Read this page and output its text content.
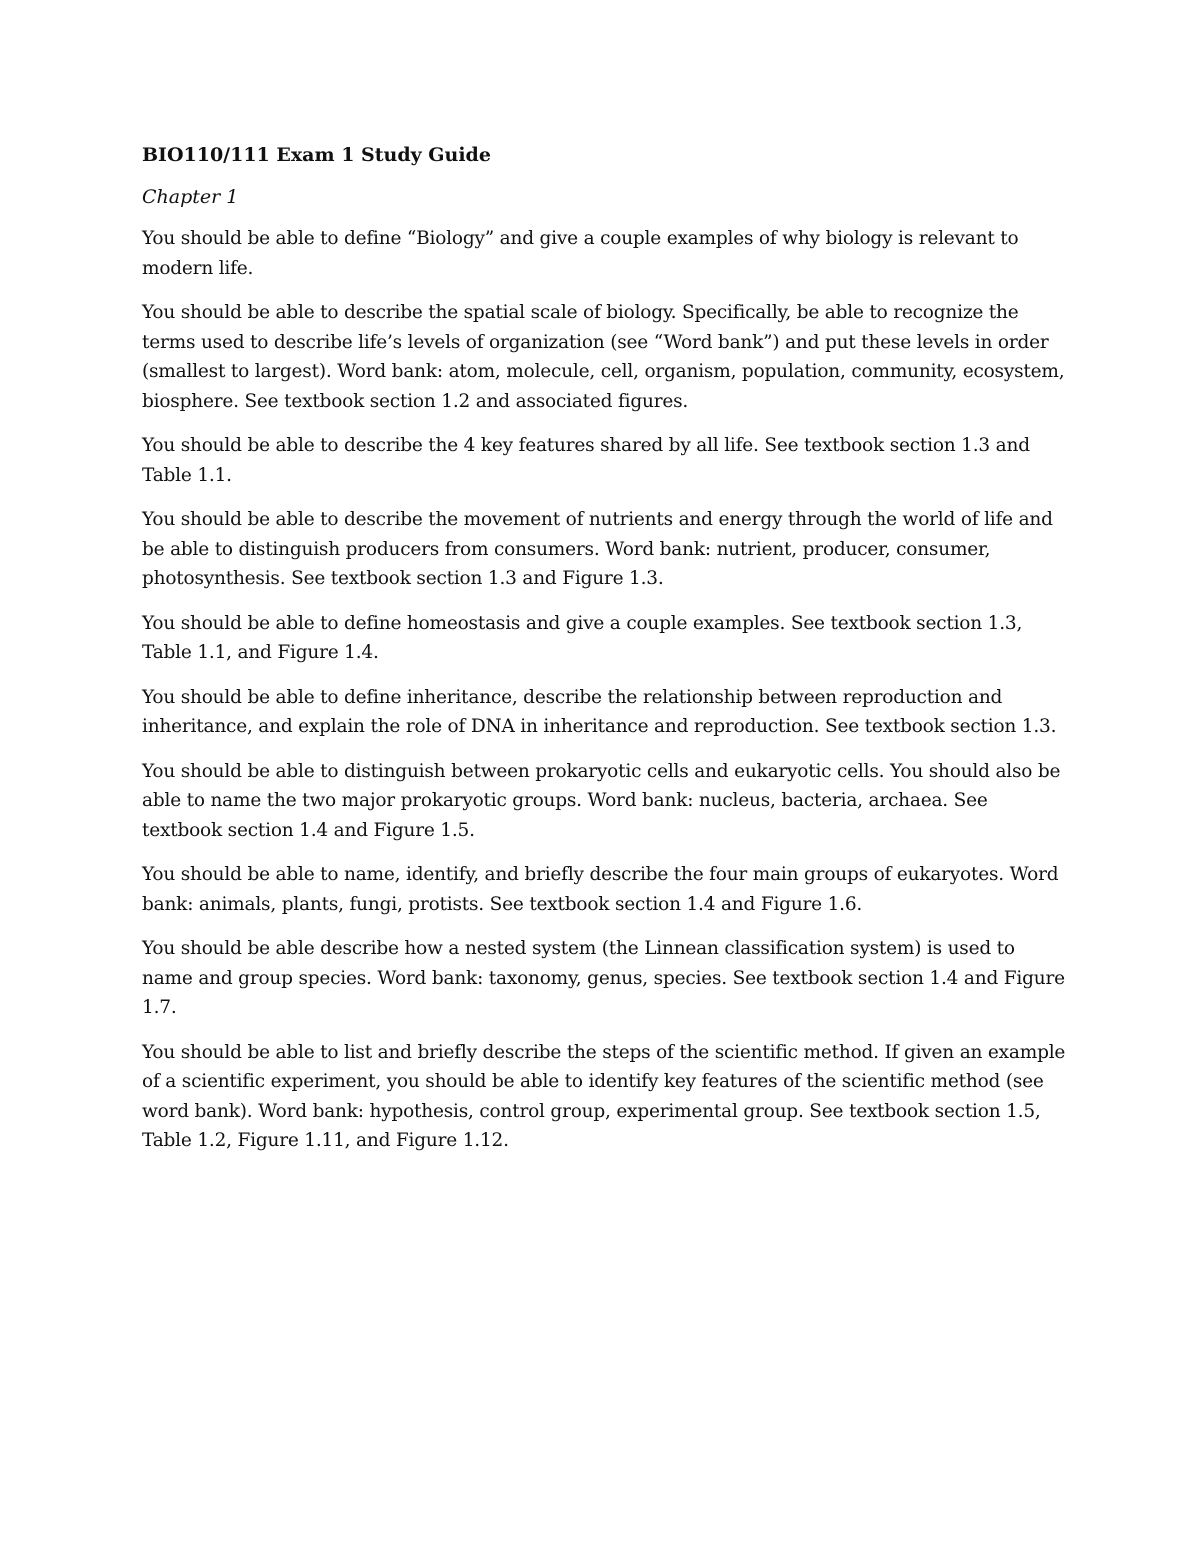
BIO110/111 Exam 1 Study Guide
Chapter 1

You should be able to define “Biology” and give a couple examples of why biology is relevant to modern life.

You should be able to describe the spatial scale of biology. Specifically, be able to recognize the terms used to describe life’s levels of organization (see “Word bank”) and put these levels in order (smallest to largest). Word bank: atom, molecule, cell, organism, population, community, ecosystem, biosphere. See textbook section 1.2 and associated figures.

You should be able to describe the 4 key features shared by all life. See textbook section 1.3 and Table 1.1.

You should be able to describe the movement of nutrients and energy through the world of life and be able to distinguish producers from consumers. Word bank: nutrient, producer, consumer, photosynthesis. See textbook section 1.3 and Figure 1.3.

You should be able to define homeostasis and give a couple examples. See textbook section 1.3, Table 1.1, and Figure 1.4.

You should be able to define inheritance, describe the relationship between reproduction and inheritance, and explain the role of DNA in inheritance and reproduction. See textbook section 1.3.

You should be able to distinguish between prokaryotic cells and eukaryotic cells. You should also be able to name the two major prokaryotic groups. Word bank: nucleus, bacteria, archaea. See textbook section 1.4 and Figure 1.5.

You should be able to name, identify, and briefly describe the four main groups of eukaryotes. Word bank: animals, plants, fungi, protists. See textbook section 1.4 and Figure 1.6.

You should be able describe how a nested system (the Linnean classification system) is used to name and group species. Word bank: taxonomy, genus, species. See textbook section 1.4 and Figure 1.7.

You should be able to list and briefly describe the steps of the scientific method. If given an example of a scientific experiment, you should be able to identify key features of the scientific method (see word bank). Word bank: hypothesis, control group, experimental group. See textbook section 1.5, Table 1.2, Figure 1.11, and Figure 1.12.
